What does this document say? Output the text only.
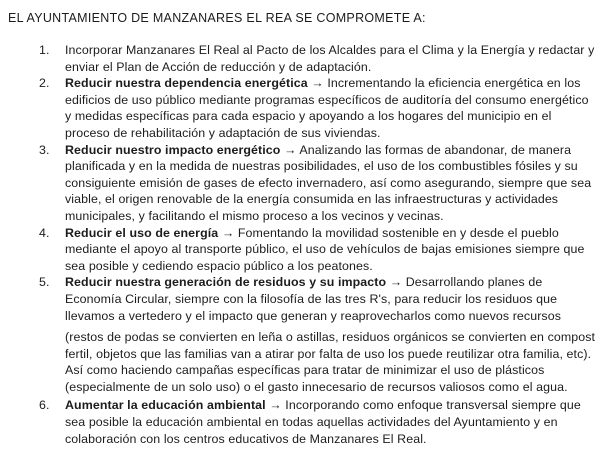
EL AYUNTAMIENTO DE MANZANARES EL REA SE COMPROMETE A:
1.	Incorporar Manzanares El Real al Pacto de los Alcaldes para el Clima y la Energía y redactar y enviar el Plan de Acción de reducción y de adaptación.
2.	Reducir nuestra dependencia energética → Incrementando la eficiencia energética en los edificios de uso público mediante programas específicos de auditoría del consumo energético y medidas específicas para cada espacio y apoyando a los hogares del municipio en el proceso de rehabilitación y adaptación de sus viviendas.
3.	Reducir nuestro impacto energético → Analizando las formas de abandonar, de manera planificada y en la medida de nuestras posibilidades, el uso de los combustibles fósiles y su consiguiente emisión de gases de efecto invernadero, así como asegurando, siempre que sea viable, el origen renovable de la energía consumida en las infraestructuras y actividades municipales, y facilitando el mismo proceso a los vecinos y vecinas.
4.	Reducir el uso de energía → Fomentando la movilidad sostenible en y desde el pueblo mediante el apoyo al transporte público, el uso de vehículos de bajas emisiones siempre que sea posible y cediendo espacio público a los peatones.
5.	Reducir nuestra generación de residuos y su impacto → Desarrollando planes de Economía Circular, siempre con la filosofía de las tres R's, para reducir los residuos que llevamos a vertedero y el impacto que generan y reaprovecharlos como nuevos recursos

(restos de podas se convierten en leña o astillas, residuos orgánicos se convierten en compost fertil, objetos que las familias van a atirar por falta de uso los puede reutilizar otra familia, etc). Así como haciendo campañas específicas para tratar de minimizar el uso de plásticos (especialmente de un solo uso) o el gasto innecesario de recursos valiosos como el agua.

6.	Aumentar la educación ambiental → Incorporando como enfoque transversal siempre que sea posible la educación ambiental en todas aquellas actividades del Ayuntamiento y en colaboración con los centros educativos de Manzanares El Real.
